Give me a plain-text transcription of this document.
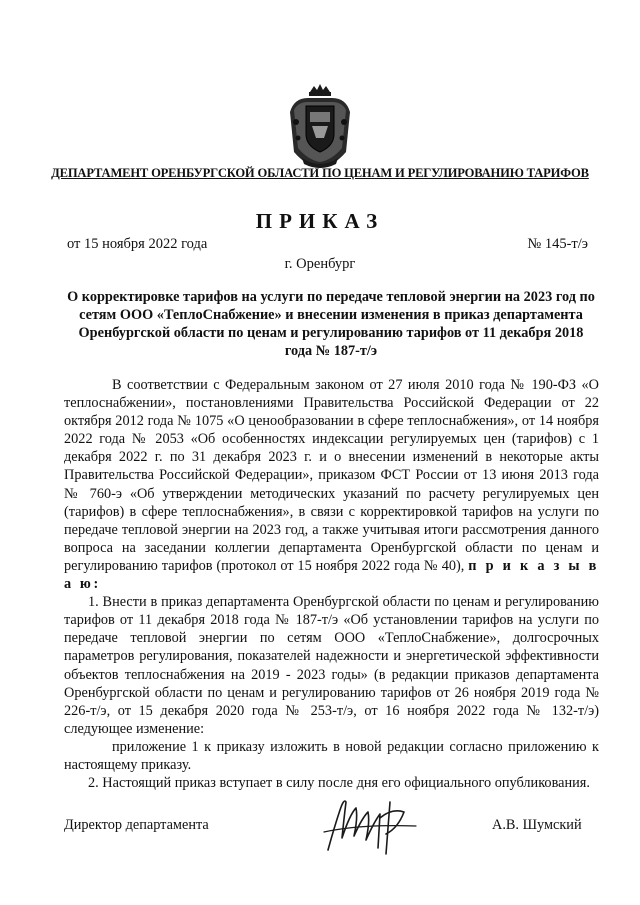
ДЕПАРТАМЕНТ ОРЕНБУРГСКОЙ ОБЛАСТИ ПО ЦЕНАМ И РЕГУЛИРОВАНИЮ ТАРИФОВ
ПРИКАЗ
от 15 ноября 2022 года	№ 145-т/э
г. Оренбург
О корректировке тарифов на услуги по передаче тепловой энергии на 2023 год по сетям ООО «ТеплоСнабжение» и внесении изменения в приказ департамента Оренбургской области по ценам и регулированию тарифов от 11 декабря 2018 года № 187-т/э

В соответствии с Федеральным законом от 27 июля 2010 года № 190-ФЗ «О теплоснабжении», постановлениями Правительства Российской Федерации от 22 октября 2012 года № 1075 «О ценообразовании в сфере теплоснабжения», от 14 ноября 2022 года № 2053 «Об особенностях индексации регулируемых цен (тарифов) с 1 декабря 2022 г. по 31 декабря 2023 г. и о внесении изменений в некоторые акты Правительства Российской Федерации», приказом ФСТ России от 13 июня 2013 года № 760-э «Об утверждении методических указаний по расчету регулируемых цен (тарифов) в сфере теплоснабжения», в связи с корректировкой тарифов на услуги по передаче тепловой энергии на 2023 год, а также учитывая итоги рассмотрения данного вопроса на заседании коллегии департамента Оренбургской области по ценам и регулированию тарифов (протокол от 15 ноября 2022 года № 40), п р и к а з ы в а ю:

1. Внести в приказ департамента Оренбургской области по ценам и регулированию тарифов от 11 декабря 2018 года № 187-т/э «Об установлении тарифов на услуги по передаче тепловой энергии по сетям ООО «ТеплоСнабжение», долгосрочных параметров регулирования, показателей надежности и энергетической эффективности объектов теплоснабжения на 2019 - 2023 годы» (в редакции приказов департамента Оренбургской области по ценам и регулированию тарифов от 26 ноября 2019 года № 226-т/э, от 15 декабря 2020 года № 253-т/э, от 16 ноября 2022 года № 132-т/э) следующее изменение:

приложение 1 к приказу изложить в новой редакции согласно приложению к настоящему приказу.

2. Настоящий приказ вступает в силу после дня его официального опубликования.

Директор департамента	А.В. Шумский
